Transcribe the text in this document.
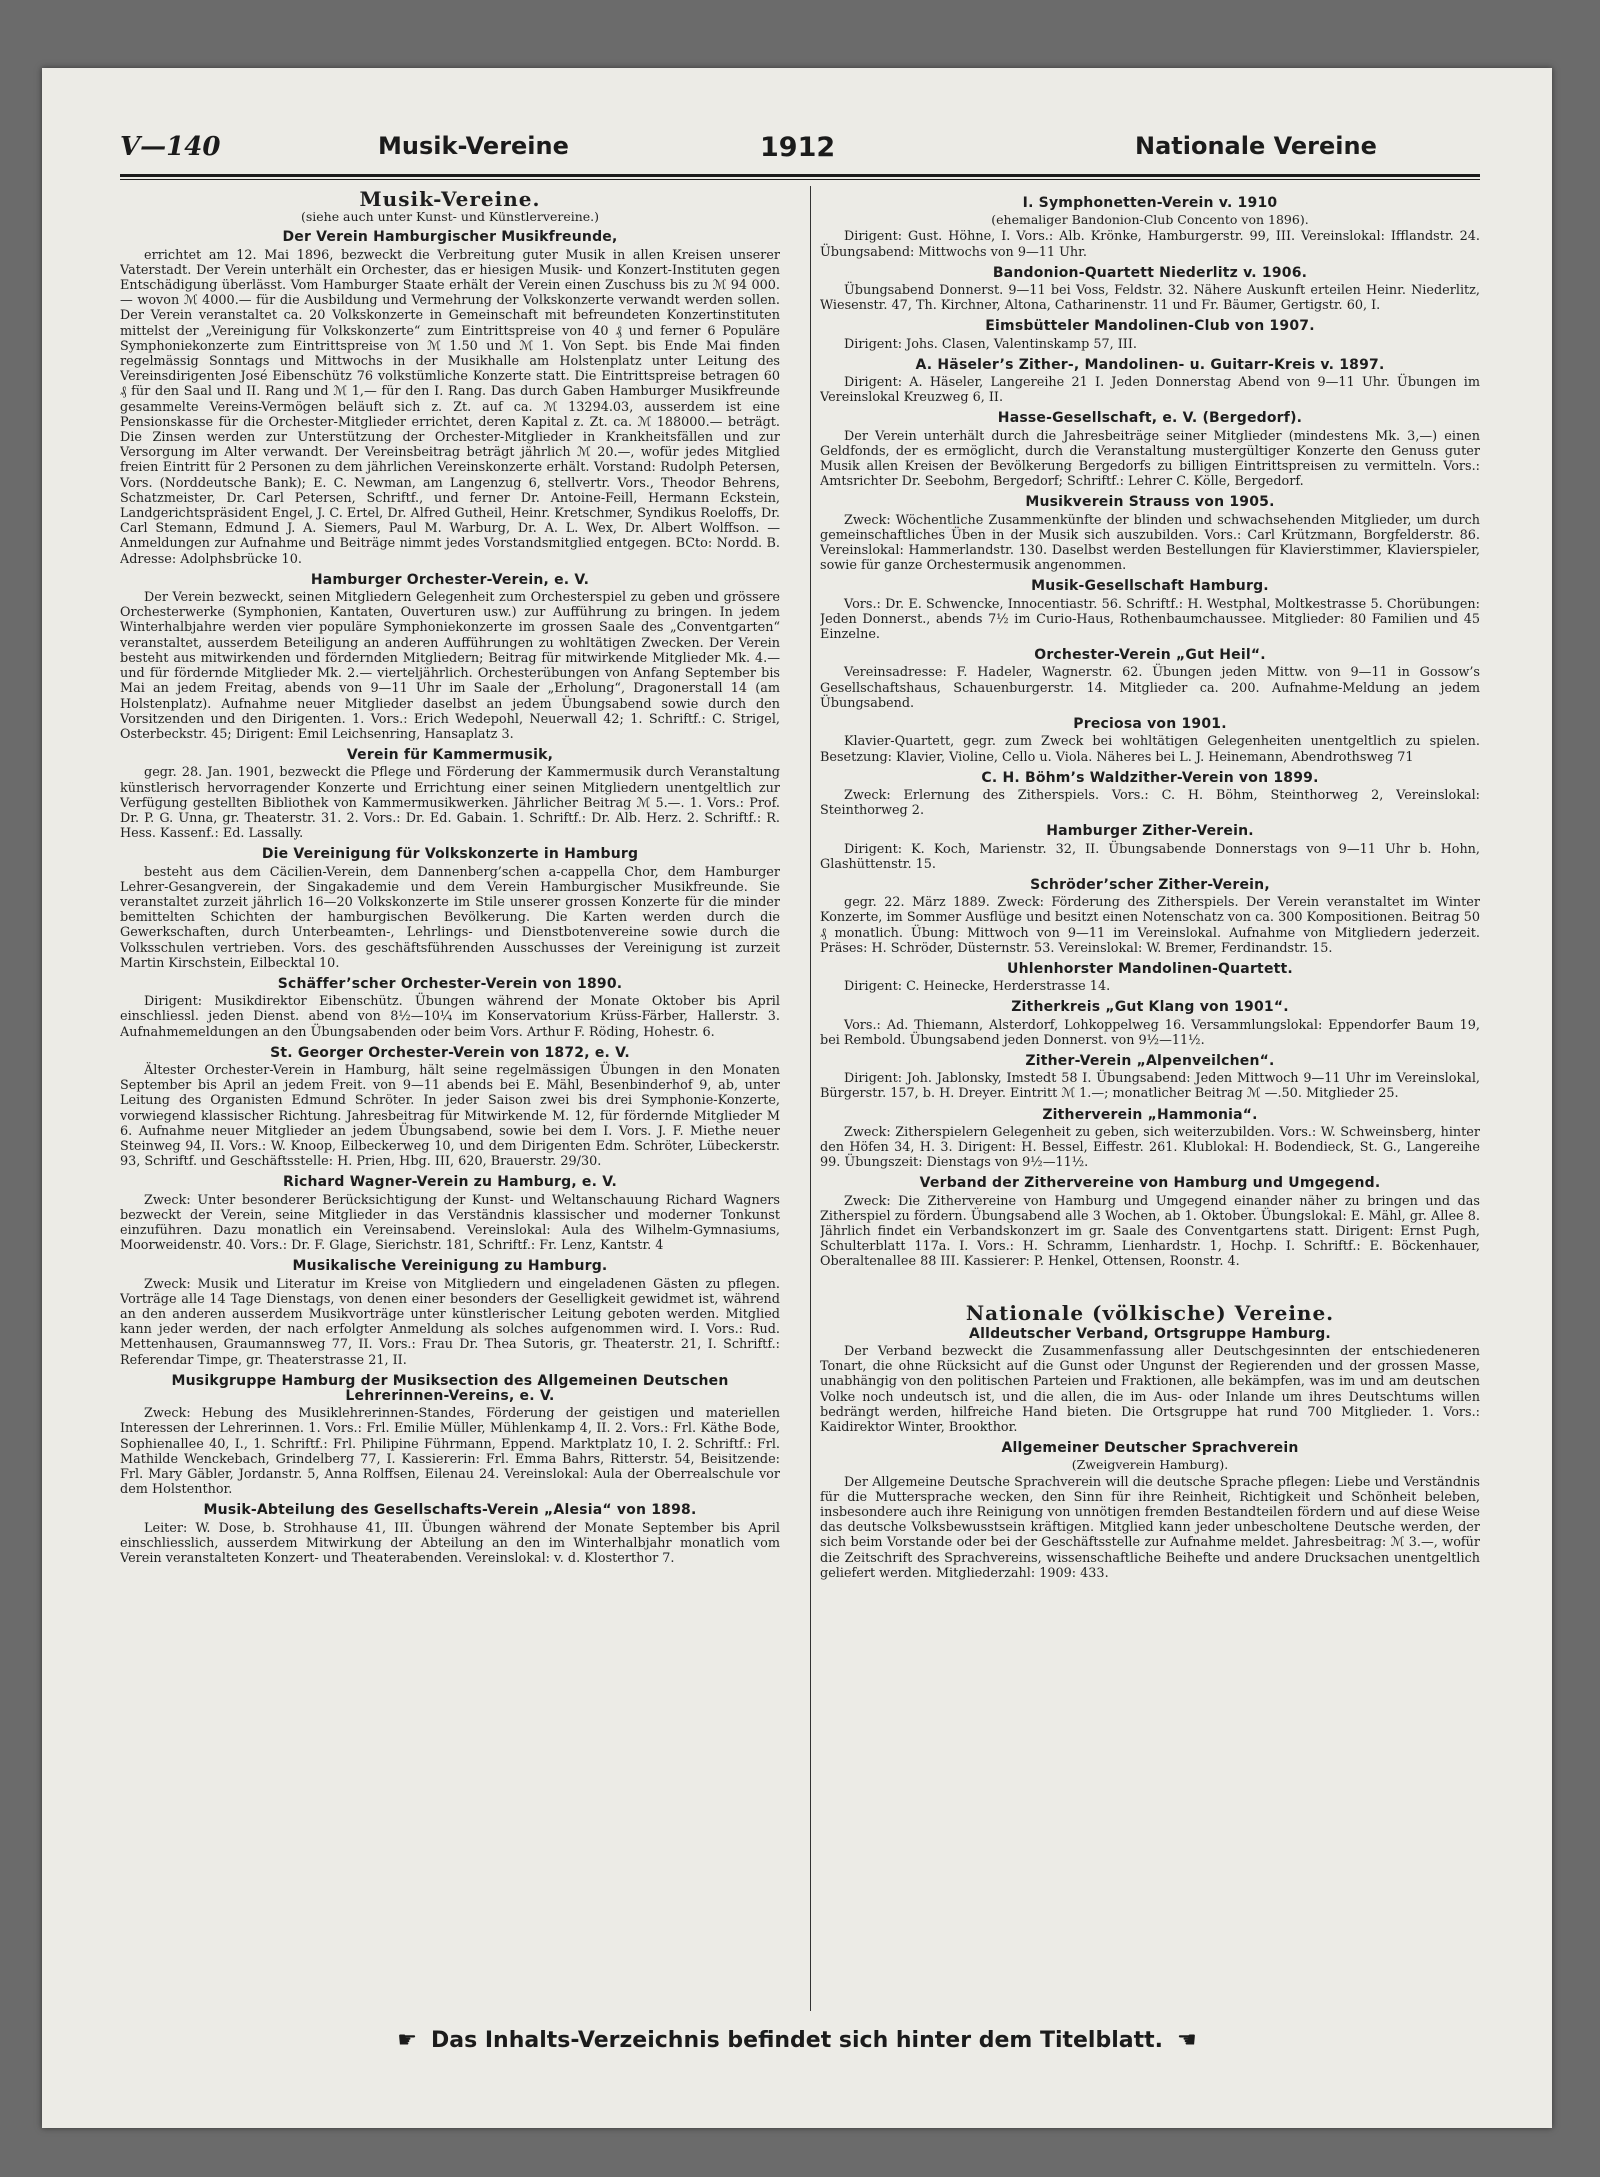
V—140	Musik-Vereine	1912	Nationale Vereine
Musik-Vereine.
(siehe auch unter Kunst- und Künstlervereine.)
Der Verein Hamburgischer Musikfreunde,

errichtet am 12. Mai 1896, bezweckt die Verbreitung guter Musik in allen Kreisen unserer Vaterstadt. Der Verein unterhält ein Orchester, das er hiesigen Musik- und Konzert-Instituten gegen Entschädigung überlässt. Vom Hamburger Staate erhält der Verein einen Zuschuss bis zu ℳ 94 000.— wovon ℳ 4000.— für die Ausbildung und Vermehrung der Volkskonzerte verwandt werden sollen. Der Verein veranstaltet ca. 20 Volkskonzerte in Gemeinschaft mit befreundeten Konzertinstituten mittelst der „Vereinigung für Volkskonzerte“ zum Eintrittspreise von 40 ₰ und ferner 6 Populäre Symphoniekonzerte zum Eintrittspreise von ℳ 1.50 und ℳ 1. Von Sept. bis Ende Mai finden regelmässig Sonntags und Mittwochs in der Musikhalle am Holstenplatz unter Leitung des Vereinsdirigenten José Eibenschütz 76 volkstümliche Konzerte statt. Die Eintrittspreise betragen 60 ₰ für den Saal und II. Rang und ℳ 1,— für den I. Rang. Das durch Gaben Hamburger Musikfreunde gesammelte Vereins-Vermögen beläuft sich z. Zt. auf ca. ℳ 13294.03, ausserdem ist eine Pensionskasse für die Orchester-Mitglieder errichtet, deren Kapital z. Zt. ca. ℳ 188000.— beträgt. Die Zinsen werden zur Unterstützung der Orchester-Mitglieder in Krankheitsfällen und zur Versorgung im Alter verwandt. Der Vereinsbeitrag beträgt jährlich ℳ 20.—, wofür jedes Mitglied freien Eintritt für 2 Personen zu dem jährlichen Vereinskonzerte erhält. Vorstand: Rudolph Petersen, Vors. (Norddeutsche Bank); E. C. Newman, am Langenzug 6, stellvertr. Vors., Theodor Behrens, Schatzmeister, Dr. Carl Petersen, Schriftf., und ferner Dr. Antoine-Feill, Hermann Eckstein, Landgerichtspräsident Engel, J. C. Ertel, Dr. Alfred Gutheil, Heinr. Kretschmer, Syndikus Roeloffs, Dr. Carl Stemann, Edmund J. A. Siemers, Paul M. Warburg, Dr. A. L. Wex, Dr. Albert Wolffson. — Anmeldungen zur Aufnahme und Beiträge nimmt jedes Vorstandsmitglied entgegen. BCto: Nordd. B. Adresse: Adolphsbrücke 10.

Hamburger Orchester-Verein, e. V.

Der Verein bezweckt, seinen Mitgliedern Gelegenheit zum Orchesterspiel zu geben und grössere Orchesterwerke (Symphonien, Kantaten, Ouverturen usw.) zur Aufführung zu bringen. In jedem Winterhalbjahre werden vier populäre Symphoniekonzerte im grossen Saale des „Conventgarten“ veranstaltet, ausserdem Beteiligung an anderen Aufführungen zu wohltätigen Zwecken. Der Verein besteht aus mitwirkenden und fördernden Mitgliedern; Beitrag für mitwirkende Mitglieder Mk. 4.— und für fördernde Mitglieder Mk. 2.— vierteljährlich. Orchesterübungen von Anfang September bis Mai an jedem Freitag, abends von 9—11 Uhr im Saale der „Erholung“, Dragonerstall 14 (am Holstenplatz). Aufnahme neuer Mitglieder daselbst an jedem Übungsabend sowie durch den Vorsitzenden und den Dirigenten. 1. Vors.: Erich Wedepohl, Neuerwall 42; 1. Schriftf.: C. Strigel, Osterbeckstr. 45; Dirigent: Emil Leichsenring, Hansaplatz 3.

Verein für Kammermusik,

gegr. 28. Jan. 1901, bezweckt die Pflege und Förderung der Kammermusik durch Veranstaltung künstlerisch hervorragender Konzerte und Errichtung einer seinen Mitgliedern unentgeltlich zur Verfügung gestellten Bibliothek von Kammermusikwerken. Jährlicher Beitrag ℳ 5.—. 1. Vors.: Prof. Dr. P. G. Unna, gr. Theaterstr. 31. 2. Vors.: Dr. Ed. Gabain. 1. Schriftf.: Dr. Alb. Herz. 2. Schriftf.: R. Hess. Kassenf.: Ed. Lassally.

Die Vereinigung für Volkskonzerte in Hamburg

besteht aus dem Cäcilien-Verein, dem Dannenberg’schen a-cappella Chor, dem Hamburger Lehrer-Gesangverein, der Singakademie und dem Verein Hamburgischer Musikfreunde. Sie veranstaltet zurzeit jährlich 16—20 Volkskonzerte im Stile unserer grossen Konzerte für die minder bemittelten Schichten der hamburgischen Bevölkerung. Die Karten werden durch die Gewerkschaften, durch Unterbeamten-, Lehrlings- und Dienstbotenvereine sowie durch die Volksschulen vertrieben. Vors. des geschäftsführenden Ausschusses der Vereinigung ist zurzeit Martin Kirschstein, Eilbecktal 10.

Schäffer’scher Orchester-Verein von 1890.

Dirigent: Musikdirektor Eibenschütz. Übungen während der Monate Oktober bis April einschliessl. jeden Dienst. abend von 8½—10¼ im Konservatorium Krüss-Färber, Hallerstr. 3. Aufnahmemeldungen an den Übungsabenden oder beim Vors. Arthur F. Röding, Hohestr. 6.

St. Georger Orchester-Verein von 1872, e. V.

Ältester Orchester-Verein in Hamburg, hält seine regelmässigen Übungen in den Monaten September bis April an jedem Freit. von 9—11 abends bei E. Mähl, Besenbinderhof 9, ab, unter Leitung des Organisten Edmund Schröter. In jeder Saison zwei bis drei Symphonie-Konzerte, vorwiegend klassischer Richtung. Jahresbeitrag für Mitwirkende M. 12, für fördernde Mitglieder M 6. Aufnahme neuer Mitglieder an jedem Übungsabend, sowie bei dem I. Vors. J. F. Miethe neuer Steinweg 94, II. Vors.: W. Knoop, Eilbeckerweg 10, und dem Dirigenten Edm. Schröter, Lübeckerstr. 93, Schriftf. und Geschäftsstelle: H. Prien, Hbg. III, 620, Brauerstr. 29/30.

Richard Wagner-Verein zu Hamburg, e. V.

Zweck: Unter besonderer Berücksichtigung der Kunst- und Weltanschauung Richard Wagners bezweckt der Verein, seine Mitglieder in das Verständnis klassischer und moderner Tonkunst einzuführen. Dazu monatlich ein Vereinsabend. Vereinslokal: Aula des Wilhelm-Gymnasiums, Moorweidenstr. 40. Vors.: Dr. F. Glage, Sierichstr. 181, Schriftf.: Fr. Lenz, Kantstr. 4

Musikalische Vereinigung zu Hamburg.

Zweck: Musik und Literatur im Kreise von Mitgliedern und eingeladenen Gästen zu pflegen. Vorträge alle 14 Tage Dienstags, von denen einer besonders der Geselligkeit gewidmet ist, während an den anderen ausserdem Musikvorträge unter künstlerischer Leitung geboten werden. Mitglied kann jeder werden, der nach erfolgter Anmeldung als solches aufgenommen wird. I. Vors.: Rud. Mettenhausen, Graumannsweg 77, II. Vors.: Frau Dr. Thea Sutoris, gr. Theaterstr. 21, I. Schriftf.: Referendar Timpe, gr. Theaterstrasse 21, II.

Musikgruppe Hamburg der Musiksection des Allgemeinen Deutschen Lehrerinnen-Vereins, e. V.

Zweck: Hebung des Musiklehrerinnen-Standes, Förderung der geistigen und materiellen Interessen der Lehrerinnen. 1. Vors.: Frl. Emilie Müller, Mühlenkamp 4, II. 2. Vors.: Frl. Käthe Bode, Sophienallee 40, I., 1. Schriftf.: Frl. Philipine Führmann, Eppend. Marktplatz 10, I. 2. Schriftf.: Frl. Mathilde Wenckebach, Grindelberg 77, I. Kassiererin: Frl. Emma Bahrs, Ritterstr. 54, Beisitzende: Frl. Mary Gäbler, Jordanstr. 5, Anna Rolffsen, Eilenau 24. Vereinslokal: Aula der Oberrealschule vor dem Holstenthor.

Musik-Abteilung des Gesellschafts-Verein „Alesia“ von 1898.

Leiter: W. Dose, b. Strohhause 41, III. Übungen während der Monate September bis April einschliesslich, ausserdem Mitwirkung der Abteilung an den im Winterhalbjahr monatlich vom Verein veranstalteten Konzert- und Theaterabenden. Vereinslokal: v. d. Klosterthor 7.

I. Symphonetten-Verein v. 1910
(ehemaliger Bandonion-Club Concento von 1896).

Dirigent: Gust. Höhne, I. Vors.: Alb. Krönke, Hamburgerstr. 99, III. Vereinslokal: Ifflandstr. 24. Übungsabend: Mittwochs von 9—11 Uhr.

Bandonion-Quartett Niederlitz v. 1906.

Übungsabend Donnerst. 9—11 bei Voss, Feldstr. 32. Nähere Auskunft erteilen Heinr. Niederlitz, Wiesenstr. 47, Th. Kirchner, Altona, Catharinenstr. 11 und Fr. Bäumer, Gertigstr. 60, I.

Eimsbütteler Mandolinen-Club von 1907.

Dirigent: Johs. Clasen, Valentinskamp 57, III.

A. Häseler’s Zither-, Mandolinen- u. Guitarr-Kreis v. 1897.

Dirigent: A. Häseler, Langereihe 21 I. Jeden Donnerstag Abend von 9—11 Uhr. Übungen im Vereinslokal Kreuzweg 6, II.

Hasse-Gesellschaft, e. V. (Bergedorf).

Der Verein unterhält durch die Jahresbeiträge seiner Mitglieder (mindestens Mk. 3,—) einen Geldfonds, der es ermöglicht, durch die Veranstaltung mustergültiger Konzerte den Genuss guter Musik allen Kreisen der Bevölkerung Bergedorfs zu billigen Eintrittspreisen zu vermitteln. Vors.: Amtsrichter Dr. Seebohm, Bergedorf; Schriftf.: Lehrer C. Kölle, Bergedorf.

Musikverein Strauss von 1905.

Zweck: Wöchentliche Zusammenkünfte der blinden und schwachsehenden Mitglieder, um durch gemeinschaftliches Üben in der Musik sich auszubilden. Vors.: Carl Krützmann, Borgfelderstr. 86. Vereinslokal: Hammerlandstr. 130. Daselbst werden Bestellungen für Klavierstimmer, Klavierspieler, sowie für ganze Orchestermusik angenommen.

Musik-Gesellschaft Hamburg.

Vors.: Dr. E. Schwencke, Innocentiastr. 56. Schriftf.: H. Westphal, Moltkestrasse 5. Chorübungen: Jeden Donnerst., abends 7½ im Curio-Haus, Rothenbaumchaussee. Mitglieder: 80 Familien und 45 Einzelne.

Orchester-Verein „Gut Heil“.

Vereinsadresse: F. Hadeler, Wagnerstr. 62. Übungen jeden Mittw. von 9—11 in Gossow’s Gesellschaftshaus, Schauenburgerstr. 14. Mitglieder ca. 200. Aufnahme-Meldung an jedem Übungsabend.

Preciosa von 1901.

Klavier-Quartett, gegr. zum Zweck bei wohltätigen Gelegenheiten unentgeltlich zu spielen. Besetzung: Klavier, Violine, Cello u. Viola. Näheres bei L. J. Heinemann, Abendrothsweg 71

C. H. Böhm’s Waldzither-Verein von 1899.

Zweck: Erlernung des Zitherspiels. Vors.: C. H. Böhm, Steinthorweg 2, Vereinslokal: Steinthorweg 2.

Hamburger Zither-Verein.

Dirigent: K. Koch, Marienstr. 32, II. Übungsabende Donnerstags von 9—11 Uhr b. Hohn, Glashüttenstr. 15.

Schröder’scher Zither-Verein,

gegr. 22. März 1889. Zweck: Förderung des Zitherspiels. Der Verein veranstaltet im Winter Konzerte, im Sommer Ausflüge und besitzt einen Notenschatz von ca. 300 Kompositionen. Beitrag 50 ₰ monatlich. Übung: Mittwoch von 9—11 im Vereinslokal. Aufnahme von Mitgliedern jederzeit. Präses: H. Schröder, Düsternstr. 53. Vereinslokal: W. Bremer, Ferdinandstr. 15.

Uhlenhorster Mandolinen-Quartett.

Dirigent: C. Heinecke, Herderstrasse 14.

Zitherkreis „Gut Klang von 1901“.

Vors.: Ad. Thiemann, Alsterdorf, Lohkoppelweg 16. Versammlungslokal: Eppendorfer Baum 19, bei Rembold. Übungsabend jeden Donnerst. von 9½—11½.

Zither-Verein „Alpenveilchen“.

Dirigent: Joh. Jablonsky, Imstedt 58 I. Übungsabend: Jeden Mittwoch 9—11 Uhr im Vereinslokal, Bürgerstr. 157, b. H. Dreyer. Eintritt ℳ 1.—; monatlicher Beitrag ℳ —.50. Mitglieder 25.

Zitherverein „Hammonia“.

Zweck: Zitherspielern Gelegenheit zu geben, sich weiterzubilden. Vors.: W. Schweinsberg, hinter den Höfen 34, H. 3. Dirigent: H. Bessel, Eiffestr. 261. Klublokal: H. Bodendieck, St. G., Langereihe 99. Übungszeit: Dienstags von 9½—11½.

Verband der Zithervereine von Hamburg und Umgegend.

Zweck: Die Zithervereine von Hamburg und Umgegend einander näher zu bringen und das Zitherspiel zu fördern. Übungsabend alle 3 Wochen, ab 1. Oktober. Übungslokal: E. Mähl, gr. Allee 8. Jährlich findet ein Verbandskonzert im gr. Saale des Conventgartens statt. Dirigent: Ernst Pugh, Schulterblatt 117a. I. Vors.: H. Schramm, Lienhardstr. 1, Hochp. I. Schriftf.: E. Böckenhauer, Oberaltenallee 88 III. Kassierer: P. Henkel, Ottensen, Roonstr. 4.

Nationale (völkische) Vereine.
Alldeutscher Verband, Ortsgruppe Hamburg.

Der Verband bezweckt die Zusammenfassung aller Deutschgesinnten der entschiedeneren Tonart, die ohne Rücksicht auf die Gunst oder Ungunst der Regierenden und der grossen Masse, unabhängig von den politischen Parteien und Fraktionen, alle bekämpfen, was im und am deutschen Volke noch undeutsch ist, und die allen, die im Aus- oder Inlande um ihres Deutschtums willen bedrängt werden, hilfreiche Hand bieten. Die Ortsgruppe hat rund 700 Mitglieder. 1. Vors.: Kaidirektor Winter, Brookthor.

Allgemeiner Deutscher Sprachverein
(Zweigverein Hamburg).

Der Allgemeine Deutsche Sprachverein will die deutsche Sprache pflegen: Liebe und Verständnis für die Muttersprache wecken, den Sinn für ihre Reinheit, Richtigkeit und Schönheit beleben, insbesondere auch ihre Reinigung von unnötigen fremden Bestandteilen fördern und auf diese Weise das deutsche Volksbewusstsein kräftigen. Mitglied kann jeder unbescholtene Deutsche werden, der sich beim Vorstande oder bei der Geschäftsstelle zur Aufnahme meldet. Jahresbeitrag: ℳ 3.—, wofür die Zeitschrift des Sprachvereins, wissenschaftliche Beihefte und andere Drucksachen unentgeltlich geliefert werden. Mitgliederzahl: 1909: 433.

☛ Das Inhalts-Verzeichnis befindet sich hinter dem Titelblatt. ☚
